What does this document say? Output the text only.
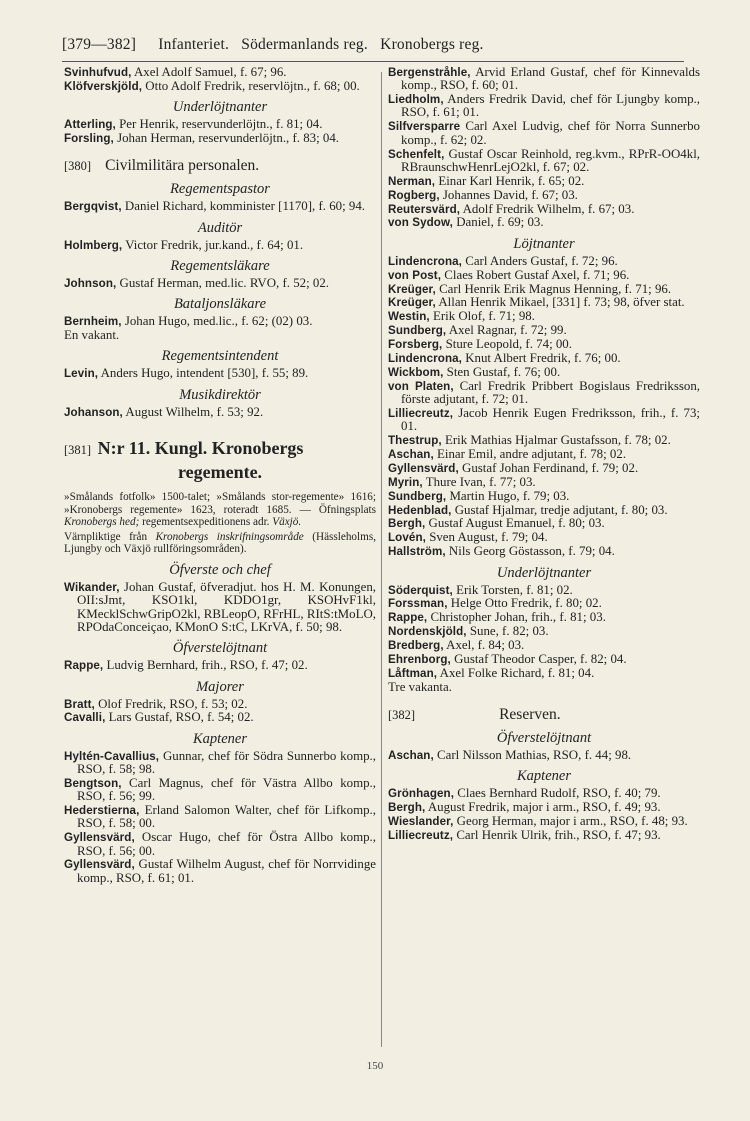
[379—382] Infanteriet.   Södermanlands reg.   Kronobergs reg.

Svinhufvud, Axel Adolf Samuel, f. 67; 96.

Klöfverskjöld, Otto Adolf Fredrik, reservlöjtn., f. 68; 00.

Underlöjtnanter

Atterling, Per Henrik, reservunderlöjtn., f. 81; 04.

Forsling, Johan Herman, reservunderlöjtn., f. 83; 04.

[380] Civilmilitära personalen.
Regementspastor

Bergqvist, Daniel Richard, komminister [1170], f. 60; 94.

Auditör

Holmberg, Victor Fredrik, jur.kand., f. 64; 01.

Regementsläkare

Johnson, Gustaf Herman, med.lic. RVO, f. 52; 02.

Bataljonsläkare

Bernheim, Johan Hugo, med.lic., f. 62; (02) 03.

En vakant.

Regementsintendent

Levin, Anders Hugo, intendent [530], f. 55; 89.

Musikdirektör

Johanson, August Wilhelm, f. 53; 92.

[381] N:r 11. Kungl. Kronobergs
regemente.

»Smålands fotfolk» 1500-talet; »Smålands stor-regemente» 1616; »Kronobergs regemente» 1623, roteradt 1685. — Öfningsplats Kronobergs hed; regementsexpeditionens adr. Växjö.

Värnpliktige från Kronobergs inskrifningsområde (Hässleholms, Ljungby och Växjö rullföringsområden).

Öfverste och chef

Wikander, Johan Gustaf, öfveradjut. hos H. M. Konungen, OII:sJmt, KSO1kl, KDDO1gr, KSOHvF1kl, KMecklSchwGripO2kl, RBLeopO, RFrHL, RItS:tMoLO, RPOdaConceiçao, KMonO S:tC, LKrVA, f. 50; 98.

Öfverstelöjtnant

Rappe, Ludvig Bernhard, frih., RSO, f. 47; 02.

Majorer

Bratt, Olof Fredrik, RSO, f. 53; 02.

Cavalli, Lars Gustaf, RSO, f. 54; 02.

Kaptener

Hyltén-Cavallius, Gunnar, chef för Södra Sunnerbo komp., RSO, f. 58; 98.

Bengtson, Carl Magnus, chef för Västra Allbo komp., RSO, f. 56; 99.

Hederstierna, Erland Salomon Walter, chef för Lifkomp., RSO, f. 58; 00.

Gyllensvärd, Oscar Hugo, chef för Östra Allbo komp., RSO, f. 56; 00.

Gyllensvärd, Gustaf Wilhelm August, chef för Norrvidinge komp., RSO, f. 61; 01.

Bergenstråhle, Arvid Erland Gustaf, chef för Kinnevalds komp., RSO, f. 60; 01.

Liedholm, Anders Fredrik David, chef för Ljungby komp., RSO, f. 61; 01.

Silfversparre Carl Axel Ludvig, chef för Norra Sunnerbo komp., f. 62; 02.

Schenfelt, Gustaf Oscar Reinhold, reg.kvm., RPrR-OO4kl, RBraunschwHenrLejO2kl, f. 67; 02.

Nerman, Einar Karl Henrik, f. 65; 02.

Rogberg, Johannes David, f. 67; 03.

Reutersvärd, Adolf Fredrik Wilhelm, f. 67; 03.

von Sydow, Daniel, f. 69; 03.

Löjtnanter

Lindencrona, Carl Anders Gustaf, f. 72; 96.

von Post, Claes Robert Gustaf Axel, f. 71; 96.

Kreüger, Carl Henrik Erik Magnus Henning, f. 71; 96.

Kreüger, Allan Henrik Mikael, [331] f. 73; 98, öfver stat.

Westin, Erik Olof, f. 71; 98.

Sundberg, Axel Ragnar, f. 72; 99.

Forsberg, Sture Leopold, f. 74; 00.

Lindencrona, Knut Albert Fredrik, f. 76; 00.

Wickbom, Sten Gustaf, f. 76; 00.

von Platen, Carl Fredrik Pribbert Bogislaus Fredriksson, förste adjutant, f. 72; 01.

Lilliecreutz, Jacob Henrik Eugen Fredriksson, frih., f. 73; 01.

Thestrup, Erik Mathias Hjalmar Gustafsson, f. 78; 02.

Aschan, Einar Emil, andre adjutant, f. 78; 02.

Gyllensvärd, Gustaf Johan Ferdinand, f. 79; 02.

Myrin, Thure Ivan, f. 77; 03.

Sundberg, Martin Hugo, f. 79; 03.

Hedenblad, Gustaf Hjalmar, tredje adjutant, f. 80; 03.

Bergh, Gustaf August Emanuel, f. 80; 03.

Lovén, Sven August, f. 79; 04.

Hallström, Nils Georg Göstasson, f. 79; 04.

Underlöjtnanter

Söderquist, Erik Torsten, f. 81; 02.

Forssman, Helge Otto Fredrik, f. 80; 02.

Rappe, Christopher Johan, frih., f. 81; 03.

Nordenskjöld, Sune, f. 82; 03.

Bredberg, Axel, f. 84; 03.

Ehrenborg, Gustaf Theodor Casper, f. 82; 04.

Låftman, Axel Folke Richard, f. 81; 04.

Tre vakanta.

[382]	Reserven.
Öfverstelöjtnant

Aschan, Carl Nilsson Mathias, RSO, f. 44; 98.

Kaptener

Grönhagen, Claes Bernhard Rudolf, RSO, f. 40; 79.

Bergh, August Fredrik, major i arm., RSO, f. 49; 93.

Wieslander, Georg Herman, major i arm., RSO, f. 48; 93.

Lilliecreutz, Carl Henrik Ulrik, frih., RSO, f. 47; 93.

150
